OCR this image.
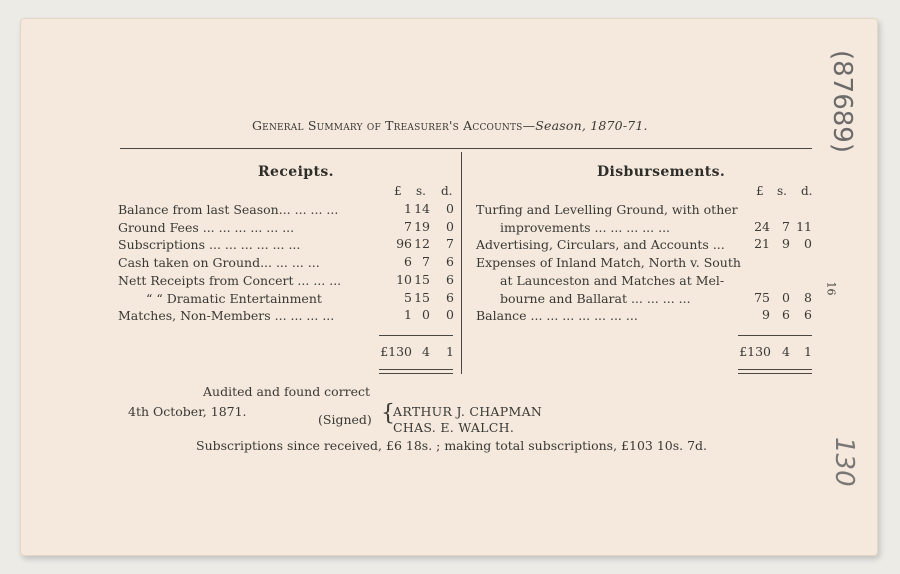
General Summary of Treasurer's Accounts—Season, 1870-71.
Receipts.
£ s. d.
Balance from last Season... ... ... ...	1 14	0
Ground Fees ... ... ... ... ... ...	7 19	0
Subscriptions ... ... ... ... ... ...	96 12	7
Cash taken on Ground... ... ... ...	6 7	6
Nett Receipts from Concert ... ... ...	10 15	6
“ “ Dramatic Entertainment	5 15	6
Matches, Non-Members ... ... ... ...	1 0	0
£130 4	1
Disbursements.
£ s. d.
Turfing and Levelling Ground, with other
improvements ... ... ... ... ...	24 7 11
Advertising, Circulars, and Accounts ...	21 9	0
Expenses of Inland Match, North v. South
at Launceston and Matches at Mel-
bourne and Ballarat ... ... ... ...	75 0	8
Balance ... ... ... ... ... ... ...	9 6	6
£130 4	1
Audited and found correct
4th October, 1871.
(Signed) {
ARTHUR J. CHAPMAN
CHAS. E. WALCH.
Subscriptions since received, £6 18s. ; making total subscriptions, £103 10s. 7d.
(87689)
16
130
